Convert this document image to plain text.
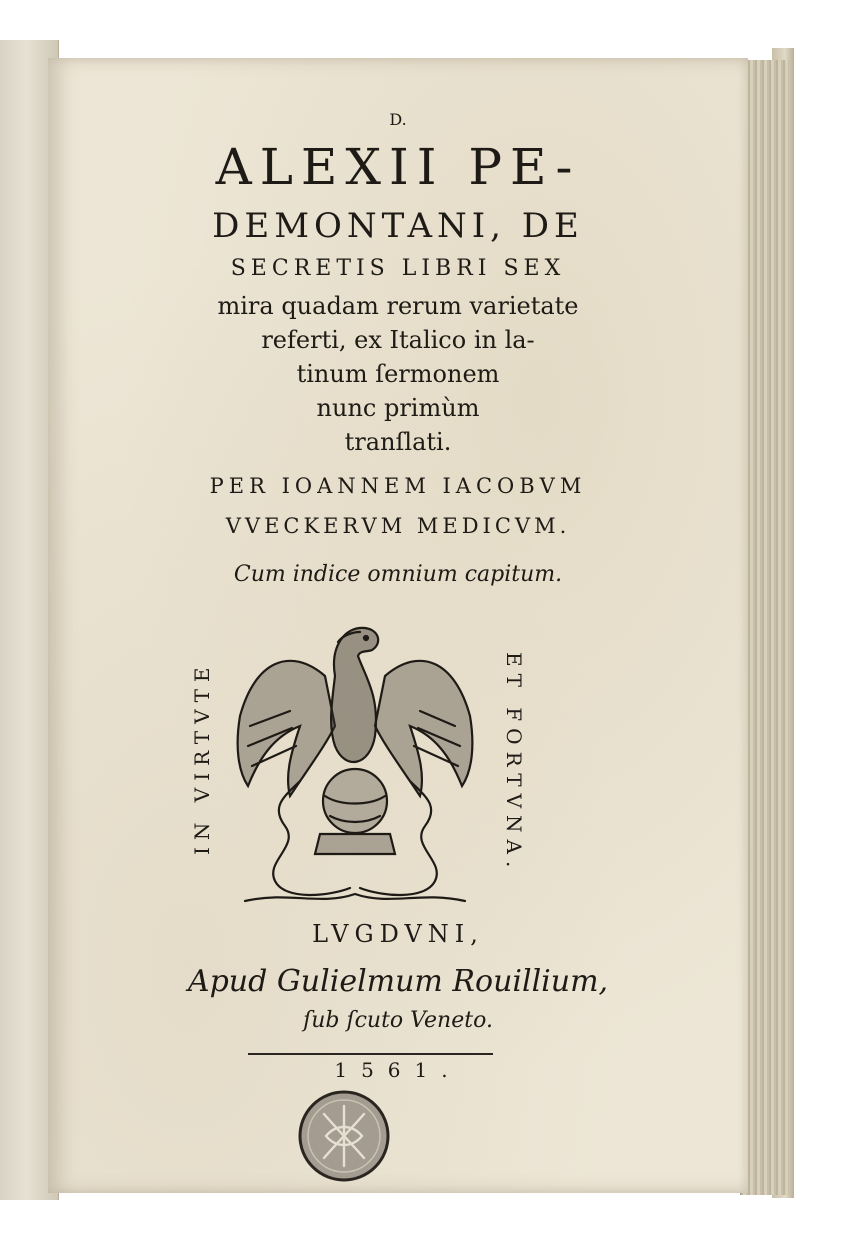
D.
ALEXII PE-
DEMONTANI, DE
SECRETIS LIBRI SEX
mira quadam rerum varietate
referti, ex Italico in la-
tinum ſermonem
nunc primùm
tranſlati.
PER IOANNEM IACOBVM
VVECKERVM MEDICVM.
Cum indice omnium capitum.
IN VIRTVTE	ET FORTVNA.
LVGDVNI,
Apud Gulielmum Rouillium,
ſub ſcuto Veneto.
1561.
